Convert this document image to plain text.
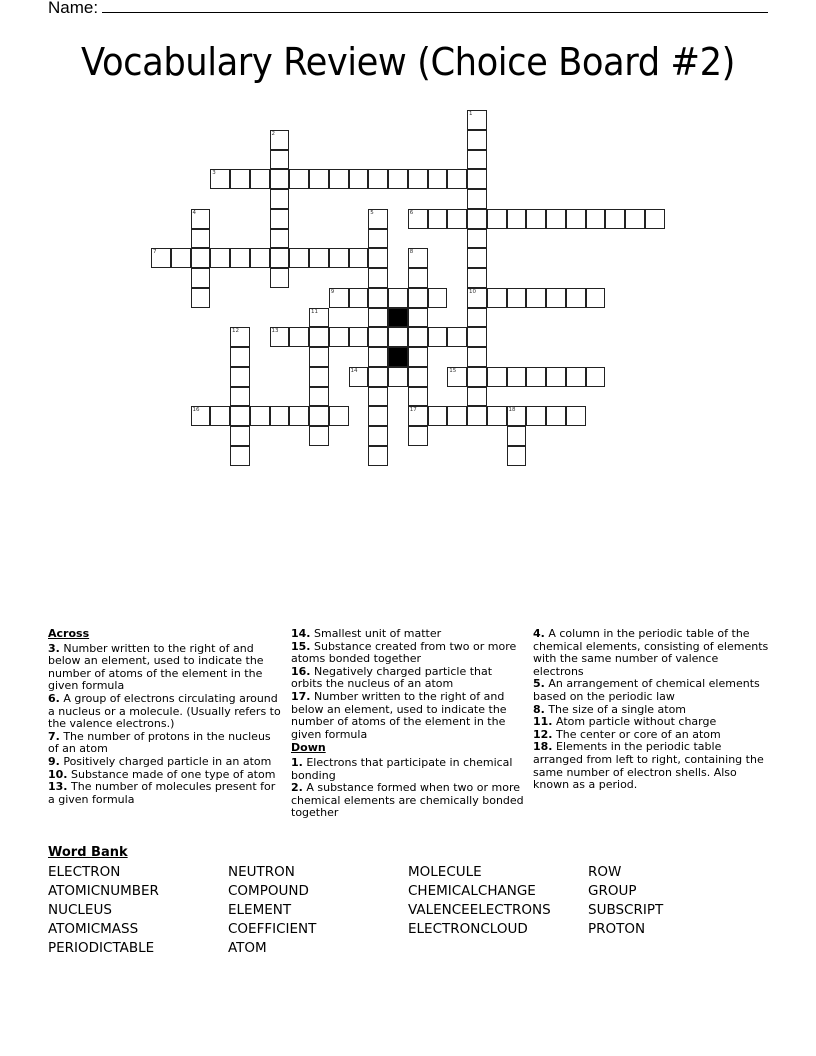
Name:
Vocabulary Review (Choice Board #2)
1
10
2
3
4	5	6
7	8
17
9
11
12	13
14	15
16	18
Across
3. Number written to the right of and below an element, used to indicate the number of atoms of the element in the given formula
6. A group of electrons circulating around a nucleus or a molecule. (Usually refers to the valence electrons.)
7. The number of protons in the nucleus of an atom
9. Positively charged particle in an atom
10. Substance made of one type of atom
13. The number of molecules present for a given formula
14. Smallest unit of matter
15. Substance created from two or more atoms bonded together
16. Negatively charged particle that orbits the nucleus of an atom
17. Number written to the right of and below an element, used to indicate the number of atoms of the element in the given formula
Down
1. Electrons that participate in chemical bonding
2. A substance formed when two or more chemical elements are chemically bonded together
4. A column in the periodic table of the chemical elements, consisting of elements with the same number of valence electrons
5. An arrangement of chemical elements based on the periodic law
8. The size of a single atom
11. Atom particle without charge
12. The center or core of an atom
18. Elements in the periodic table arranged from left to right, containing the same number of electron shells. Also known as a period.
Word Bank
ELECTRON
ATOMICNUMBER
NUCLEUS
ATOMICMASS
PERIODICTABLE
NEUTRON
COMPOUND
ELEMENT
COEFFICIENT
ATOM
MOLECULE
CHEMICALCHANGE
VALENCEELECTRONS
ELECTRONCLOUD
ROW
GROUP
SUBSCRIPT
PROTON
